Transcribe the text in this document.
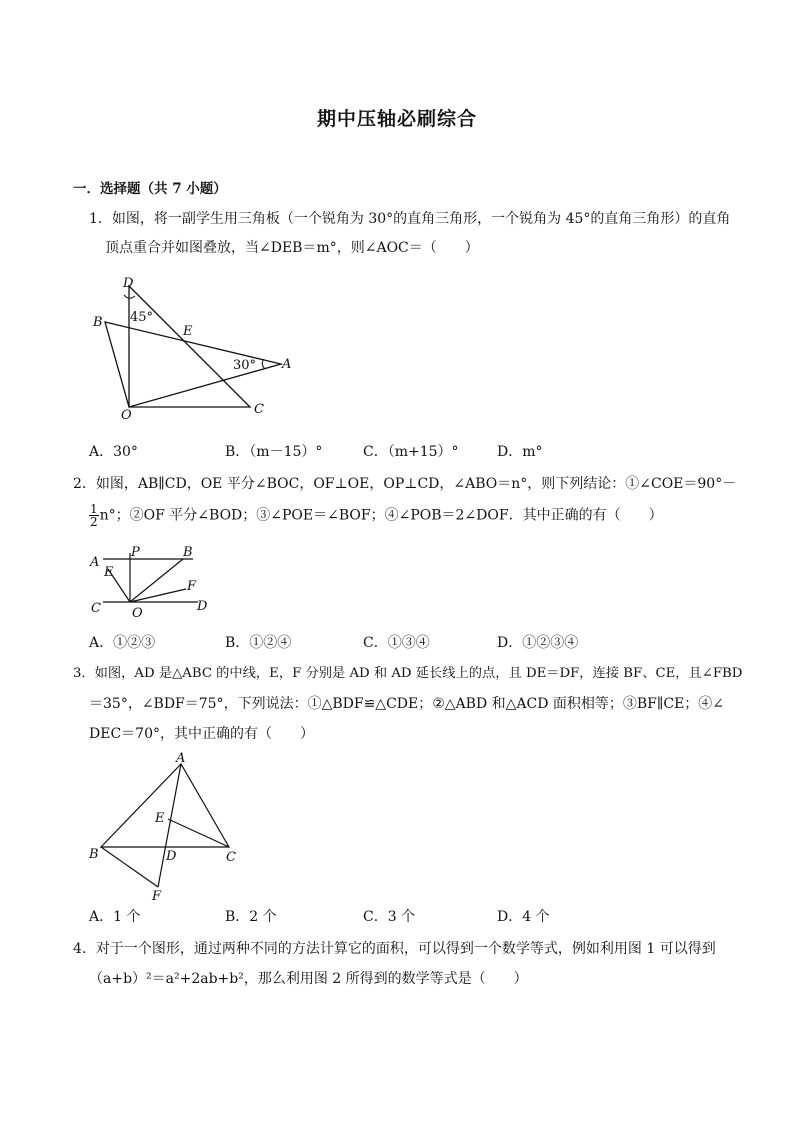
期中压轴必刷综合
一．选择题（共 7 小题）
1．如图，将一副学生用三角板（一个锐角为 30°的直角三角形，一个锐角为 45°的直角三角形）的直角
顶点重合并如图叠放，当∠DEB＝m°，则∠AOC＝（　　）
D
45°
B
E
30° A
O	C
A．30°	B．（m－15）°	C．（m+15）°	D．m°
2．如图，AB∥CD，OE 平分∠BOC，OF⊥OE，OP⊥CD，∠ABO＝n°，则下列结论：①∠COE＝90°－
$\frac{1}{2} n^\circ$；②OF 平分∠BOD；③∠POE＝∠BOF；④∠POB＝2∠DOF．其中正确的有（　　）
A
P	B
E
F
C O	D
A．①②③	B．①②④	C．①③④	D．①②③④
3．如图，AD 是△ABC 的中线，E，F 分别是 AD 和 AD 延长线上的点，且 DE＝DF，连接 BF、CE，且∠FBD
＝35°，∠BDF＝75°，下列说法：①△BDF≌△CDE；②△ABD 和△ACD 面积相等；③BF∥CE；④∠
DEC＝70°，其中正确的有（　　）
A
E
B	D	C
F
A．1 个	B．2 个	C．3 个	D．4 个
4．对于一个图形，通过两种不同的方法计算它的面积，可以得到一个数学等式，例如利用图 1 可以得到
（a+b）²＝a²+2ab+b²，那么利用图 2 所得到的数学等式是（　　）
